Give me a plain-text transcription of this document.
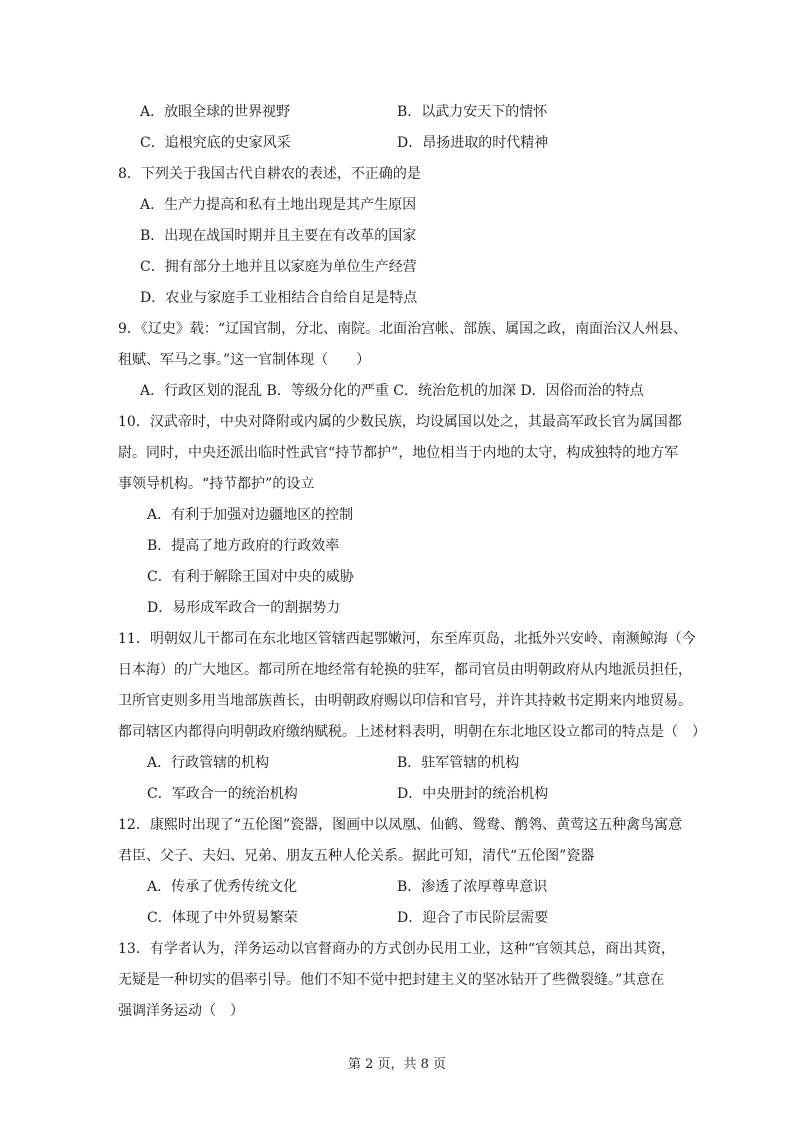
A．放眼全球的世界视野	B．以武力安天下的情怀
C．追根究底的史家风采	D．昂扬进取的时代精神
8．下列关于我国古代自耕农的表述，不正确的是
A．生产力提高和私有土地出现是其产生原因
B．出现在战国时期并且主要在有改革的国家
C．拥有部分土地并且以家庭为单位生产经营
D．农业与家庭手工业相结合自给自足是特点
9．《辽史》载：“辽国官制，分北、南院。北面治宫帐、部族、属国之政，南面治汉人州县、
租赋、军马之事。”这一官制体现（　　）
A．行政区划的混乱 B．等级分化的严重 C．统治危机的加深 D．因俗而治的特点
10．汉武帝时，中央对降附或内属的少数民族，均设属国以处之，其最高军政长官为属国都
尉。同时，中央还派出临时性武官“持节都护”，地位相当于内地的太守，构成独特的地方军
事领导机构。“持节都护”的设立
A．有利于加强对边疆地区的控制
B．提高了地方政府的行政效率
C．有利于解除王国对中央的威胁
D．易形成军政合一的割据势力
11．明朝奴儿干都司在东北地区管辖西起鄂嫩河，东至库页岛，北抵外兴安岭、南濒鲸海（今
日本海）的广大地区。都司所在地经常有轮换的驻军，都司官员由明朝政府从内地派员担任，
卫所官吏则多用当地部族酋长，由明朝政府赐以印信和官号，并许其持敕书定期来内地贸易。
都司辖区内都得向明朝政府缴纳赋税。上述材料表明，明朝在东北地区设立都司的特点是（　）
A．行政管辖的机构	B．驻军管辖的机构
C．军政合一的统治机构	D．中央册封的统治机构
12．康熙时出现了“五伦图”瓷器，图画中以凤凰、仙鹤、鸳鸯、鹡鸰、黄莺这五种禽鸟寓意
君臣、父子、夫妇、兄弟、朋友五种人伦关系。据此可知，清代“五伦图”瓷器
A．传承了优秀传统文化	B．渗透了浓厚尊卑意识
C．体现了中外贸易繁荣	D．迎合了市民阶层需要
13．有学者认为，洋务运动以官督商办的方式创办民用工业，这种“官领其总，商出其资，
无疑是一种切实的倡率引导。他们不知不觉中把封建主义的坚冰钻开了些微裂缝。”其意在
强调洋务运动（　）
第 2 页，共 8 页
